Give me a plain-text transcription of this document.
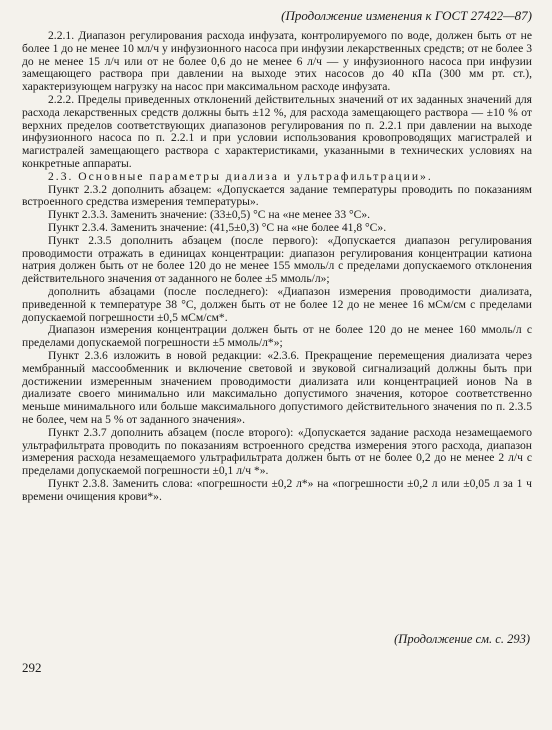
(Продолжение изменения к ГОСТ 27422—87)

2.2.1. Диапазон регулирования расхода инфузата, контролируемого по воде, должен быть от не более 1 до не менее 10 мл/ч у инфузионного насоса при инфузии лекарственных средств; от не более 3 до не менее 15 л/ч или от не более 0,6 до не менее 6 л/ч — у инфузионного насоса при инфузии замещающего раствора при давлении на выходе этих насосов до 40 кПа (300 мм рт. ст.), характеризующем нагрузку на насос при максимальном расходе инфузата.

2.2.2. Пределы приведенных отклонений действительных значений от их заданных значений для расхода лекарственных средств должны быть ±12 %, для расхода замещающего раствора — ±10 % от верхних пределов соответствующих диапазонов регулирования по п. 2.2.1 при давлении на выходе инфузионного насоса по п. 2.2.1 и при условии использования кровопроводящих магистралей и магистралей замещающего раствора с характеристиками, указанными в технических условиях на конкретные аппараты.

2.3. Основные параметры диализа и ультрафильтрации».

Пункт 2.3.2 дополнить абзацем: «Допускается задание температуры проводить по показаниям встроенного средства измерения температуры».

Пункт 2.3.3. Заменить значение: (33±0,5) °С на «не менее 33 °С».

Пункт 2.3.4. Заменить значение: (41,5±0,3) °С на «не более 41,8 °С».

Пункт 2.3.5 дополнить абзацем (после первого): «Допускается диапазон регулирования проводимости отражать в единицах концентрации: диапазон регулирования концентрации катиона натрия должен быть от не более 120 до не менее 155 ммоль/л с пределами допускаемого отклонения действительного значения от заданного не более ±5 ммоль/л»;

дополнить абзацами (после последнего): «Диапазон измерения проводимости диализата, приведенной к температуре 38 °С, должен быть от не более 12 до не менее 16 мСм/см с пределами допускаемой погрешности ±0,5 мСм/см*.

Диапазон измерения концентрации должен быть от не более 120 до не менее 160 ммоль/л с пределами допускаемой погрешности ±5 ммоль/л*»;

Пункт 2.3.6 изложить в новой редакции: «2.3.6. Прекращение перемещения диализата через мембранный массообменник и включение световой и звуковой сигнализаций должны быть при достижении измеренным значением проводимости диализата или концентрацией ионов Na в диализате своего минимально или максимально допустимого значения, которое соответственно меньше минимального или больше максимального допустимого действительного значения по п. 2.3.5 не более, чем на 5 % от заданного значения».

Пункт 2.3.7 дополнить абзацем (после второго): «Допускается задание расхода незамещаемого ультрафильтрата проводить по показаниям встроенного средства измерения этого расхода, диапазон измерения расхода незамещаемого ультрафильтрата должен быть от не более 0,2 до не менее 2 л/ч с пределами допускаемой погрешности ±0,1 л/ч *».

Пункт 2.3.8. Заменить слова: «погрешности ±0,2 л*» на «погрешности ±0,2 л или ±0,05 л за 1 ч времени очищения крови*».

(Продолжение см. с. 293)
292
